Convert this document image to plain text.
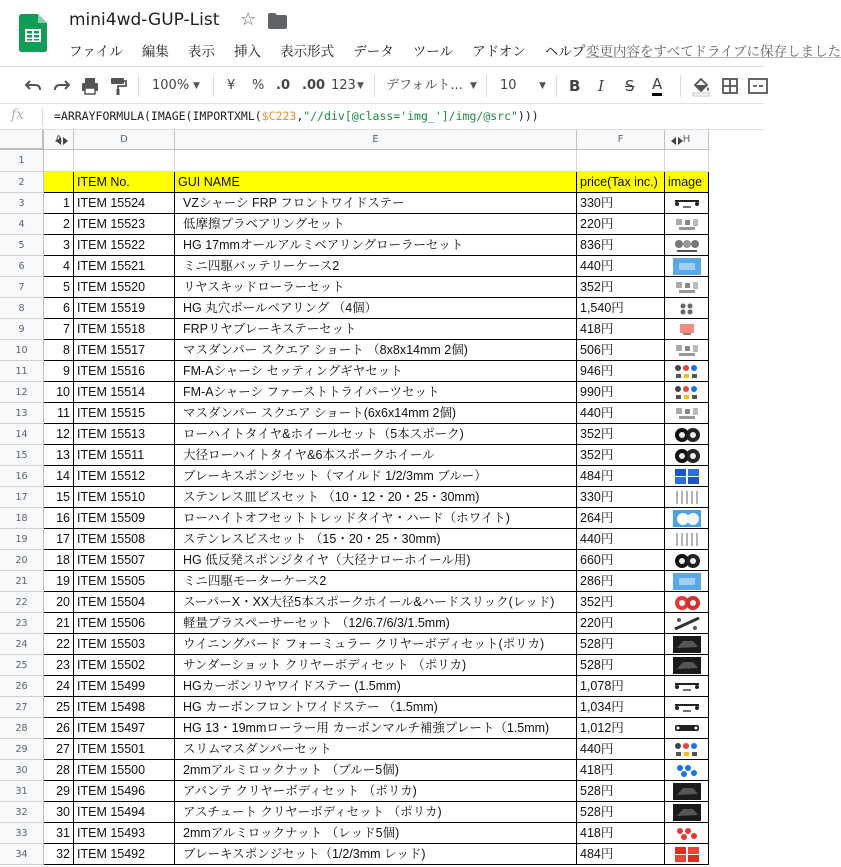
mini4wd-GUP-List ☆
ファイル 編集 表示 挿入 表示形式 データ ツール アドオン ヘルプ 変更内容をすべてドライブに保存しました
100% ▼ ¥ % .0 .00 123 ▼ デフォルト... ▼ 10 ▼ B I S A
fx	=ARRAYFORMULA(IMAGE(IMPORTXML($C223,"//div[@class='img_']/img/@src")))
A	D	E	F	H
1
2	ITEM No.	GUI NAME	price(Tax inc.) image
3	1 ITEM 15524	VZシャーシ FRP フロントワイドステー	330円
4	2 ITEM 15523	低摩擦プラベアリングセット	220円
5	3 ITEM 15522	HG 17mmオールアルミベアリングローラーセット	836円
6	4 ITEM 15521	ミニ四駆バッテリーケース2	440円
7	5 ITEM 15520	リヤスキッドローラーセット	352円
8	6 ITEM 15519	HG 丸穴ボールベアリング （4個）	1,540円
9	7 ITEM 15518	FRPリヤブレーキステーセット	418円
10	8 ITEM 15517	マスダンパー スクエア ショート （8x8x14mm 2個)	506円
11	9 ITEM 15516	FM-Aシャーシ セッティングギヤセット	946円
12	10 ITEM 15514	FM-Aシャーシ ファーストトライパーツセット	990円
13	11 ITEM 15515	マスダンパー スクエア ショート(6x6x14mm 2個)	440円
14	12 ITEM 15513	ローハイトタイヤ&ホイールセット（5本スポーク)	352円
15	13 ITEM 15511	大径ローハイトタイヤ&6本スポークホイール	352円
16	14 ITEM 15512	ブレーキスポンジセット（マイルド 1/2/3mm ブルー）	484円
17	15 ITEM 15510	ステンレス皿ビスセット （10・12・20・25・30mm)	330円
18	16 ITEM 15509	ローハイトオフセットトレッドタイヤ・ハード（ホワイト)	264円
19	17 ITEM 15508	ステンレスビスセット （15・20・25・30mm)	440円
20	18 ITEM 15507	HG 低反発スポンジタイヤ（大径ナローホイール用)	660円
21	19 ITEM 15505	ミニ四駆モーターケース2	286円
22	20 ITEM 15504	スーパーX・XX大径5本スポークホイール&ハードスリック(レッド)	352円
23	21 ITEM 15506	軽量プラスペーサーセット （12/6.7/6/3/1.5mm)	220円
24	22 ITEM 15503	ウイニングバード フォーミュラー クリヤーボディセット(ポリカ)	528円
25	23 ITEM 15502	サンダーショット クリヤーボディセット （ポリカ)	528円
26	24 ITEM 15499	HGカーボンリヤワイドステー (1.5mm)	1,078円
27	25 ITEM 15498	HG カーボンフロントワイドステー （1.5mm)	1,034円
28	26 ITEM 15497	HG 13・19mmローラー用 カーボンマルチ補強プレート（1.5mm)	1,012円
29	27 ITEM 15501	スリムマスダンパーセット	440円
30	28 ITEM 15500	2mmアルミロックナット （ブルー5個)	418円
31	29 ITEM 15496	アバンテ クリヤーボディセット （ポリカ)	528円
32	30 ITEM 15494	アスチュート クリヤーボディセット （ポリカ)	528円
33	31 ITEM 15493	2mmアルミロックナット （レッド5個)	418円
34	32 ITEM 15492	ブレーキスポンジセット（1/2/3mm レッド)	484円
